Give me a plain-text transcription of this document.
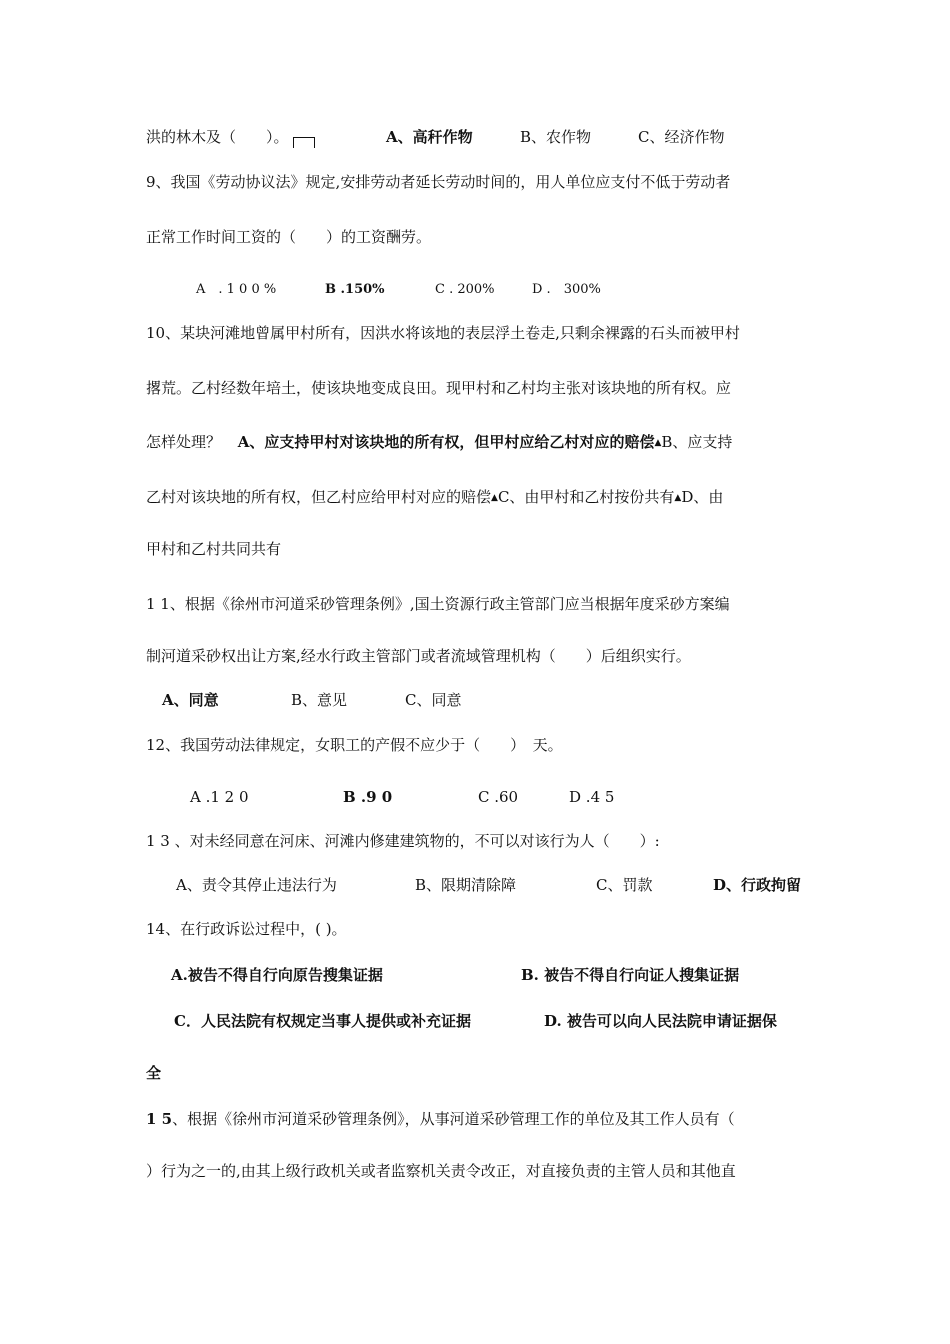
洪的林木及（　　）。	A、高秆作物	B、农作物	C、经济作物
9、我国《劳动协议法》规定,安排劳动者延长劳动时间的，用人单位应支付不低于劳动者
正常工作时间工资的（　　）的工资酬劳。
A　. 1 0 0 %	B .150%	C . 200%	D .　300%
10、某块河滩地曾属甲村所有，因洪水将该地的表层浮土卷走,只剩余裸露的石头而被甲村
撂荒。乙村经数年培土，使该块地变成良田。现甲村和乙村均主张对该块地的所有权。应
怎样处理？ A、应支持甲村对该块地的所有权，但甲村应给乙村对应的赔偿▲B、应支持
乙村对该块地的所有权，但乙村应给甲村对应的赔偿▲C、由甲村和乙村按份共有▲D、由
甲村和乙村共同共有
1 1、根据《徐州市河道采砂管理条例》,国土资源行政主管部门应当根据年度采砂方案编
制河道采砂权出让方案,经水行政主管部门或者流域管理机构（　　）后组织实行。
A、同意	B、意见	C、同意
12、我国劳动法律规定，女职工的产假不应少于（　　）　天。
A .1 2 0	B .9 0	C .60	D .4 5
1 3 、对未经同意在河床、河滩内修建建筑物的，不可以对该行为人（　　）:
A、责令其停止违法行为	B、限期清除障	C、罚款	D、行政拘留
14、在行政诉讼过程中，( )。
A.被告不得自行向原告搜集证据	B. 被告不得自行向证人搜集证据
C．人民法院有权规定当事人提供或补充证据	D. 被告可以向人民法院申请证据保
全
1 5、根据《徐州市河道采砂管理条例》，从事河道采砂管理工作的单位及其工作人员有（
）行为之一的,由其上级行政机关或者监察机关责令改正，对直接负责的主管人员和其他直
